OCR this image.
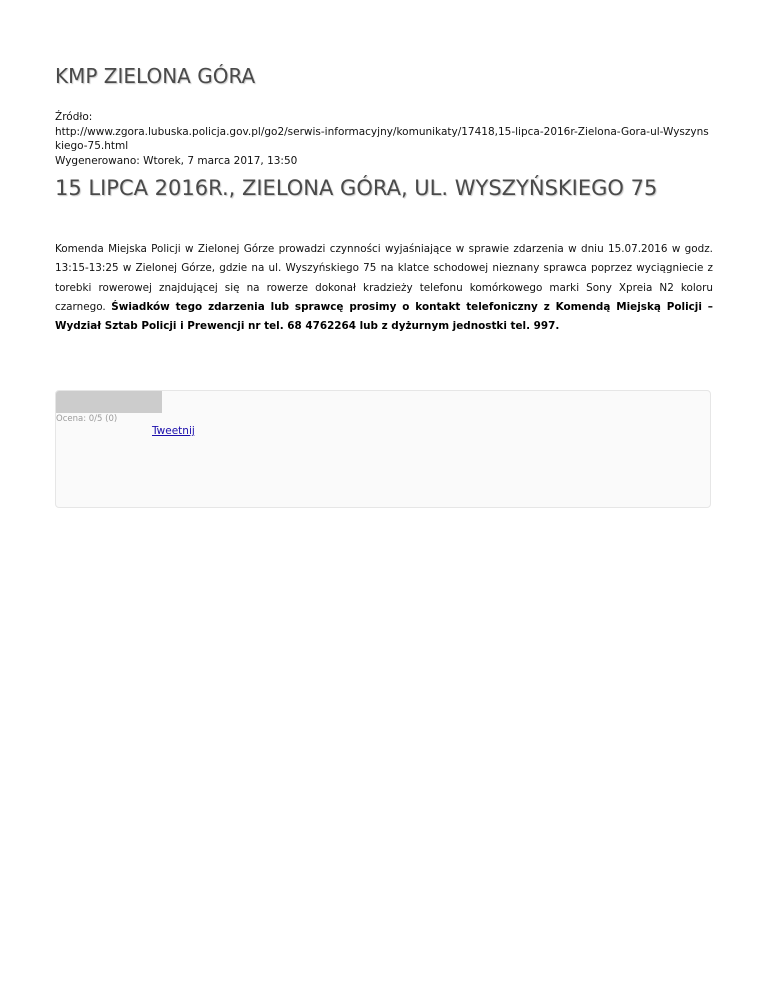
KMP ZIELONA GÓRA
Źródło:
http://www.zgora.lubuska.policja.gov.pl/go2/serwis-informacyjny/komunikaty/17418,15-lipca-2016r-Zielona-Gora-ul-Wyszyns
kiego-75.html
Wygenerowano: Wtorek, 7 marca 2017, 13:50
15 LIPCA 2016R., ZIELONA GÓRA, UL. WYSZYŃSKIEGO 75
Komenda Miejska Policji w Zielonej Górze prowadzi czynności wyjaśniające w sprawie zdarzenia w dniu 15.07.2016 w godz. 13:15-13:25 w Zielonej Górze, gdzie na ul. Wyszyńskiego 75 na klatce schodowej nieznany sprawca poprzez wyciągniecie z torebki rowerowej znajdującej się na rowerze dokonał kradzieży telefonu komórkowego marki Sony Xpreia N2 koloru czarnego. Świadków tego zdarzenia lub sprawcę prosimy o kontakt telefoniczny z Komendą Miejską Policji – Wydział Sztab Policji i Prewencji nr tel. 68 4762264 lub z dyżurnym jednostki tel. 997.
Ocena: 0/5 (0)
Tweetnij
